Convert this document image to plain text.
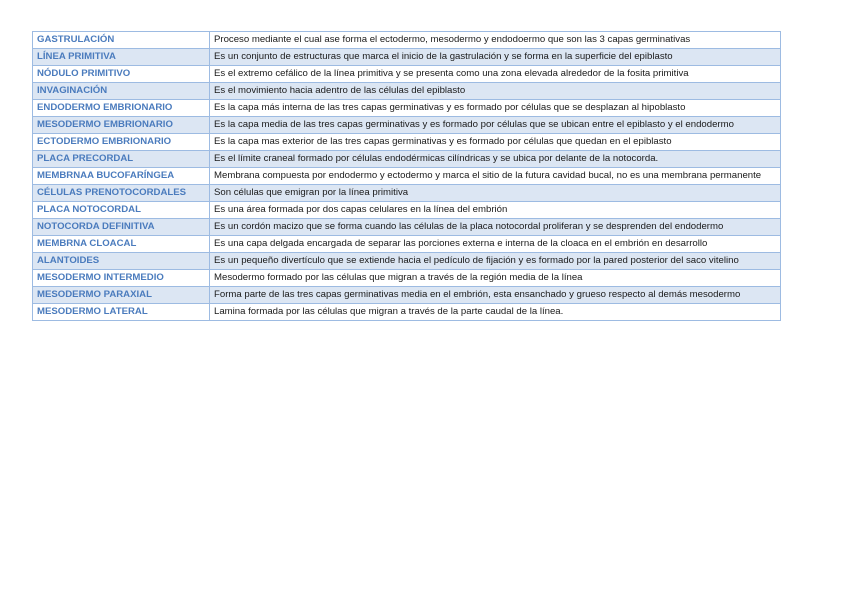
GASTRULACIÓN	Proceso mediante el cual ase forma el ectodermo, mesodermo y endodoermo que son las 3 capas germinativas
LÍNEA PRIMITIVA	Es un conjunto de estructuras que marca el inicio de la gastrulación y se forma en la superficie del epiblasto
NÓDULO PRIMITIVO	Es el extremo cefálico de la línea primitiva y se presenta como una zona elevada alrededor de la fosita primitiva
INVAGINACIÓN	Es el movimiento hacia adentro de las células del epiblasto
ENDODERMO EMBRIONARIO	Es la capa más interna de las tres capas germinativas y es formado por células que se desplazan al hipoblasto
MESODERMO EMBRIONARIO	Es la capa media de las tres capas germinativas y es formado por células que se ubican entre el epiblasto y el endodermo
ECTODERMO EMBRIONARIO	Es la capa mas exterior de las tres capas germinativas y es formado por células que quedan en el epiblasto
PLACA PRECORDAL	Es el límite craneal formado por células endodérmicas cilíndricas y se ubica por delante de la notocorda.
MEMBRNAA BUCOFARÍNGEA	Membrana compuesta por endodermo y ectodermo y marca el sitio de la futura cavidad bucal, no es una membrana permanente
CÉLULAS PRENOTOCORDALES	Son células que emigran por la línea primitiva
PLACA NOTOCORDAL	Es una área formada por dos capas celulares en la línea del embrión
NOTOCORDA DEFINITIVA	Es un cordón macizo que se forma cuando las células de la placa notocordal proliferan y se desprenden del endodermo
MEMBRNA CLOACAL	Es una capa delgada encargada de separar las porciones externa e interna de la cloaca en el embrión en desarrollo
ALANTOIDES	Es un pequeño divertículo que se extiende hacia el pedículo de fijación y es formado por la pared posterior del saco vitelino
MESODERMO INTERMEDIO	Mesodermo formado por las células que migran a través de la región media de la línea
MESODERMO PARAXIAL	Forma parte de las tres capas germinativas media en el embrión, esta ensanchado y grueso respecto al demás mesodermo
MESODERMO LATERAL	Lamina formada por las células que migran a través de la parte caudal de la línea.
